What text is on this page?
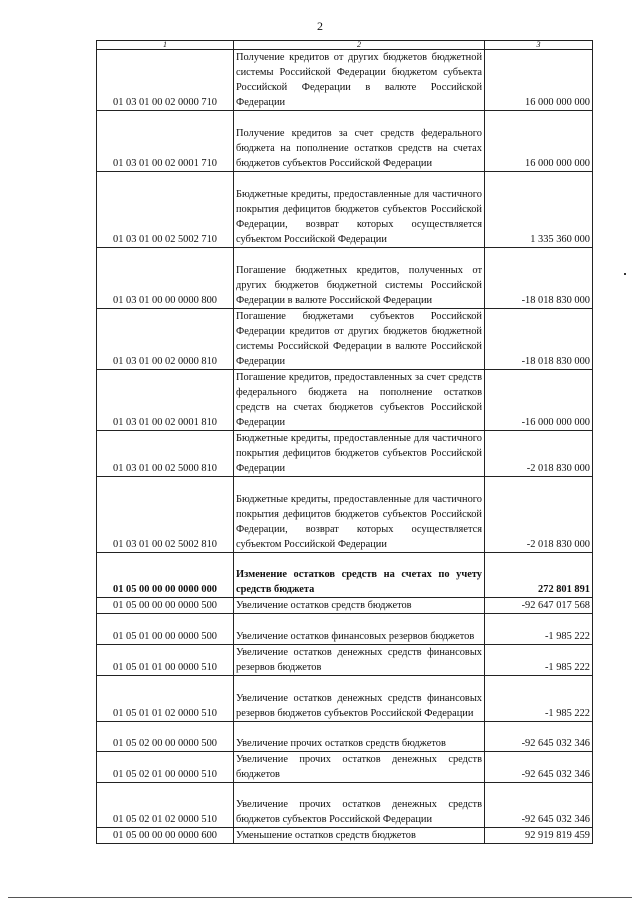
2
1	2	3
01 03 01 00 02 0000 710	Получение кредитов от других бюджетов бюджетной системы Российской Федерации бюджетом субъекта Российской Федерации в валюте Российской Федерации	16 000 000 000
01 03 01 00 02 0001 710	Получение кредитов за счет средств федерального бюджета на пополнение остатков средств на счетах бюджетов субъектов Российской Федерации	16 000 000 000
01 03 01 00 02 5002 710	Бюджетные кредиты, предоставленные для частичного покрытия дефицитов бюджетов субъектов Российской Федерации, возврат которых осуществляется субъектом Российской Федерации	1 335 360 000
01 03 01 00 00 0000 800	Погашение бюджетных кредитов, полученных от других бюджетов бюджетной системы Российской Федерации в валюте Российской Федерации	-18 018 830 000
01 03 01 00 02 0000 810	Погашение бюджетами субъектов Российской Федерации кредитов от других бюджетов бюджетной системы Российской Федерации в валюте Российской Федерации	-18 018 830 000
01 03 01 00 02 0001 810	Погашение кредитов, предоставленных за счет средств федерального бюджета на пополнение остатков средств на счетах бюджетов субъектов Российской Федерации	-16 000 000 000
01 03 01 00 02 5000 810	Бюджетные кредиты, предоставленные для частичного покрытия дефицитов бюджетов субъектов Российской Федерации	-2 018 830 000
01 03 01 00 02 5002 810	Бюджетные кредиты, предоставленные для частичного покрытия дефицитов бюджетов субъектов Российской Федерации, возврат которых осуществляется субъектом Российской Федерации	-2 018 830 000
01 05 00 00 00 0000 000	Изменение остатков средств на счетах по учету средств бюджета	272 801 891
01 05 00 00 00 0000 500	Увеличение остатков средств бюджетов	-92 647 017 568
01 05 01 00 00 0000 500	Увеличение остатков финансовых резервов бюджетов	-1 985 222
01 05 01 01 00 0000 510	Увеличение остатков денежных средств финансовых резервов бюджетов	-1 985 222
01 05 01 01 02 0000 510	Увеличение остатков денежных средств финансовых резервов бюджетов субъектов Российской Федерации	-1 985 222
01 05 02 00 00 0000 500	Увеличение прочих остатков средств бюджетов	-92 645 032 346
01 05 02 01 00 0000 510	Увеличение прочих остатков денежных средств бюджетов	-92 645 032 346
01 05 02 01 02 0000 510	Увеличение прочих остатков денежных средств бюджетов субъектов Российской Федерации	-92 645 032 346
01 05 00 00 00 0000 600	Уменьшение остатков средств бюджетов	92 919 819 459
